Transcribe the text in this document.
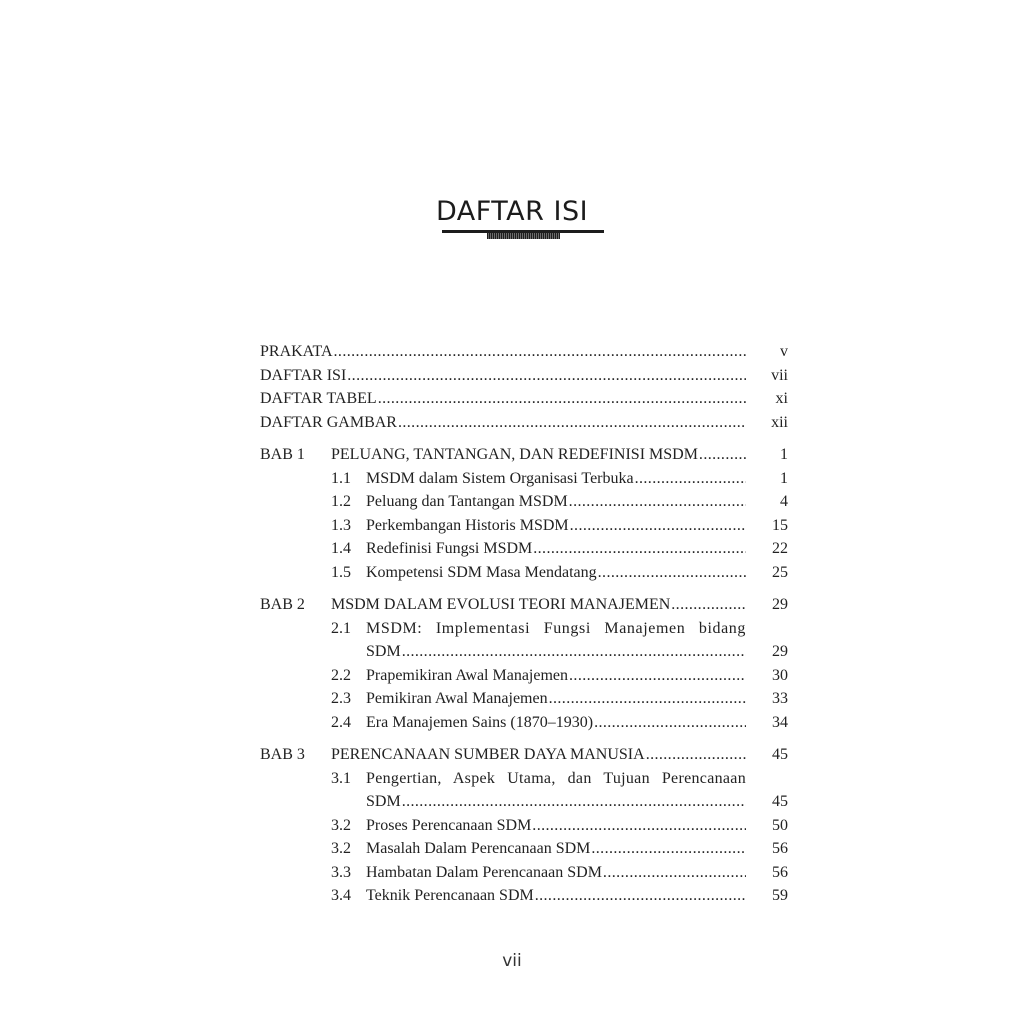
DAFTAR ISI
PRAKATA .....	v
DAFTAR ISI .....	vii
DAFTAR TABEL .....	xi
DAFTAR GAMBAR .....	xii
BAB 1 PELUANG, TANTANGAN, DAN REDEFINISI MSDM .....	1
1.1 MSDM dalam Sistem Organisasi Terbuka .....	1
1.2 Peluang dan Tantangan MSDM .....	4
1.3 Perkembangan Historis MSDM .....	15
1.4 Redefinisi Fungsi MSDM .....	22
1.5 Kompetensi SDM Masa Mendatang .....	25
BAB 2 MSDM DALAM EVOLUSI TEORI MANAJEMEN .....	29
2.1 MSDM: Implementasi Fungsi Manajemen bidang
SDM .....	29
2.2 Prapemikiran Awal Manajemen .....	30
2.3 Pemikiran Awal Manajemen .....	33
2.4 Era Manajemen Sains (1870–1930) .....	34
BAB 3 PERENCANAAN SUMBER DAYA MANUSIA .....	45
3.1 Pengertian, Aspek Utama, dan Tujuan Perencanaan
SDM .....	45
3.2 Proses Perencanaan SDM .....	50
3.2 Masalah Dalam Perencanaan SDM .....	56
3.3 Hambatan Dalam Perencanaan SDM .....	56
3.4 Teknik Perencanaan SDM .....	59
vii
